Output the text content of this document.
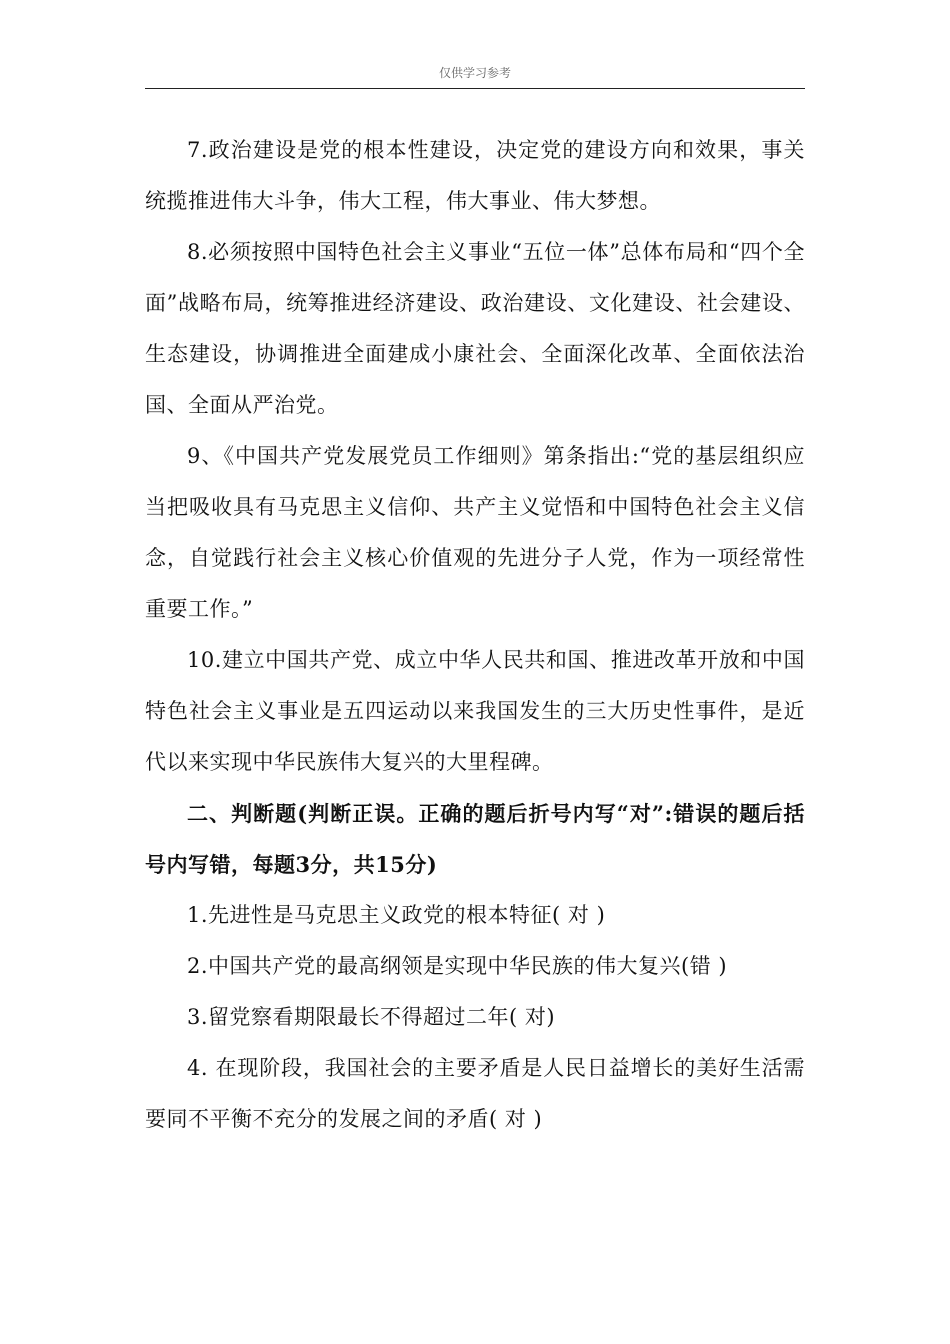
仅供学习参考

7.政治建设是党的根本性建设，决定党的建设方向和效果，事关统揽推进伟大斗争，伟大工程，伟大事业、伟大梦想。

8.必须按照中国特色社会主义事业“五位一体”总体布局和“四个全面”战略布局，统筹推进经济建设、政治建设、文化建设、社会建设、生态建设，协调推进全面建成小康社会、全面深化改革、全面依法治国、全面从严治党。

9、《中国共产党发展党员工作细则》第条指出:“党的基层组织应当把吸收具有马克思主义信仰、共产主义觉悟和中国特色社会主义信念，自觉践行社会主义核心价值观的先进分子人党，作为一项经常性重要工作。”

10.建立中国共产党、成立中华人民共和国、推进改革开放和中国特色社会主义事业是五四运动以来我国发生的三大历史性事件，是近代以来实现中华民族伟大复兴的大里程碑。

二、判断题(判断正误。正确的题后折号内写“对”:错误的题后括号内写错，每题3分，共15分)

1.先进性是马克思主义政党的根本特征( 对 )

2.中国共产党的最高纲领是实现中华民族的伟大复兴(错 )

3.留党察看期限最长不得超过二年( 对)

4. 在现阶段，我国社会的主要矛盾是人民日益增长的美好生活需要同不平衡不充分的发展之间的矛盾( 对 )
